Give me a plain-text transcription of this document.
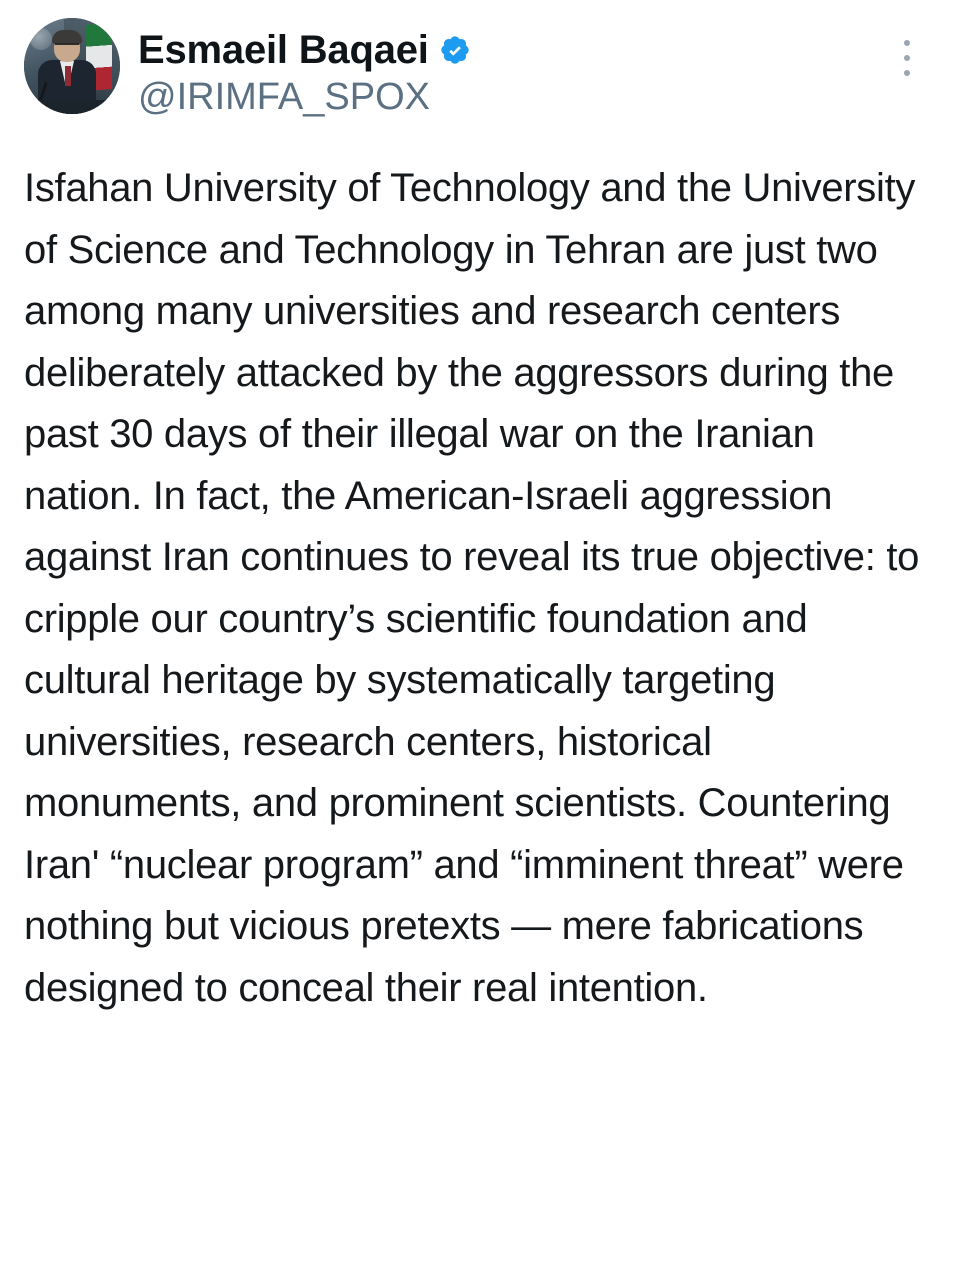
Esmaeil Baqaei
@IRIMFA_SPOX
Isfahan University of Technology and the University of Science and Technology in Tehran are just two among many universities and research centers deliberately attacked by the aggressors during the past 30 days of their illegal war on the Iranian nation. In fact, the American-Israeli aggression against Iran continues to reveal its true objective: to cripple our country’s scientific foundation and cultural heritage by systematically targeting universities, research centers, historical monuments, and prominent scientists. Countering Iran' “nuclear program” and “imminent threat” were nothing but vicious pretexts — mere fabrications designed to conceal their real intention.
